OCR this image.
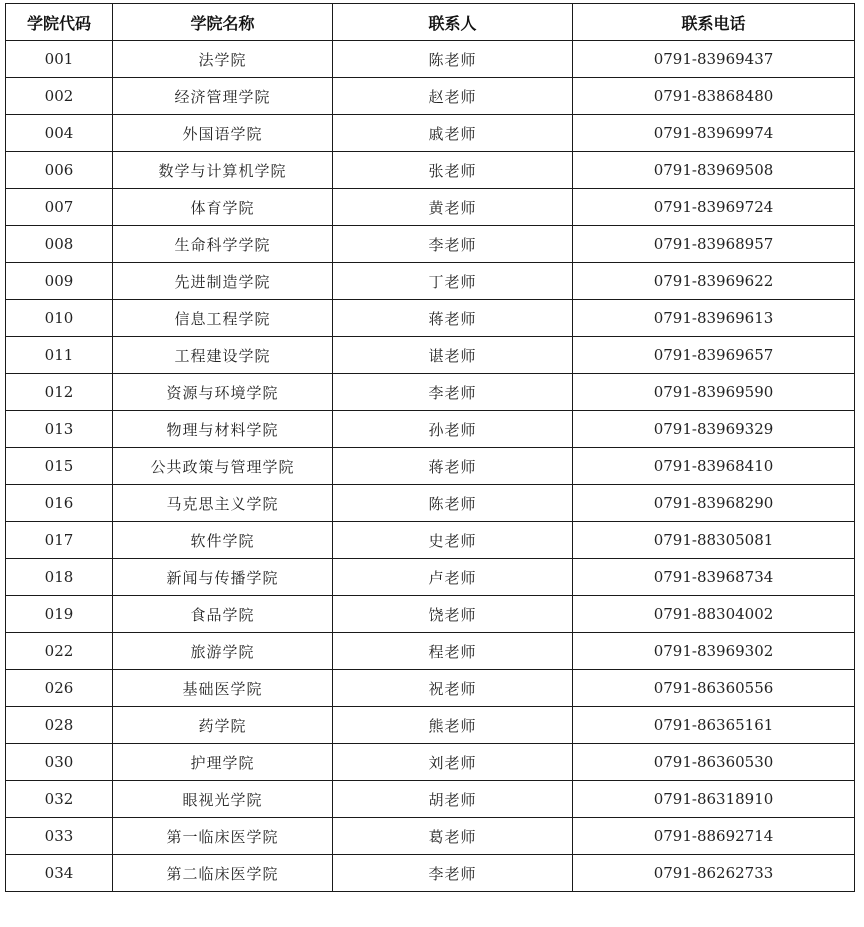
学院代码	学院名称	联系人	联系电话
001	法学院	陈老师	0791-83969437
002	经济管理学院	赵老师	0791-83868480
004	外国语学院	戚老师	0791-83969974
006	数学与计算机学院	张老师	0791-83969508
007	体育学院	黄老师	0791-83969724
008	生命科学学院	李老师	0791-83968957
009	先进制造学院	丁老师	0791-83969622
010	信息工程学院	蒋老师	0791-83969613
011	工程建设学院	谌老师	0791-83969657
012	资源与环境学院	李老师	0791-83969590
013	物理与材料学院	孙老师	0791-83969329
015	公共政策与管理学院	蒋老师	0791-83968410
016	马克思主义学院	陈老师	0791-83968290
017	软件学院	史老师	0791-88305081
018	新闻与传播学院	卢老师	0791-83968734
019	食品学院	饶老师	0791-88304002
022	旅游学院	程老师	0791-83969302
026	基础医学院	祝老师	0791-86360556
028	药学院	熊老师	0791-86365161
030	护理学院	刘老师	0791-86360530
032	眼视光学院	胡老师	0791-86318910
033	第一临床医学院	葛老师	0791-88692714
034	第二临床医学院	李老师	0791-86262733
